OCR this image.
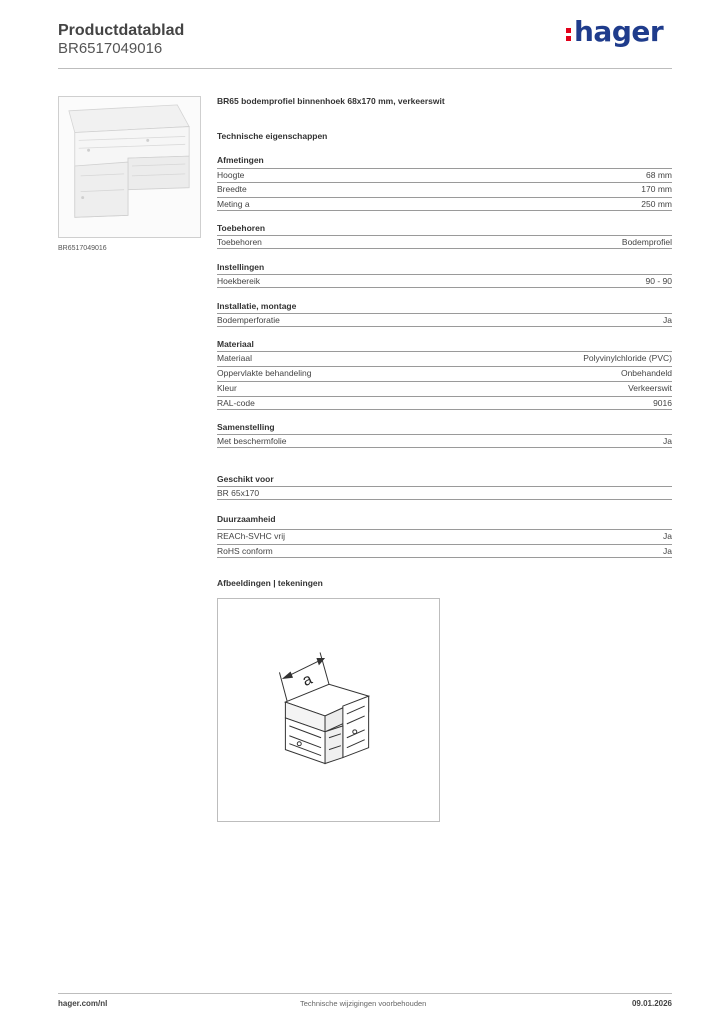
Productdatablad
BR6517049016
hager
BR6517049016
BR65 bodemprofiel binnenhoek 68x170 mm, verkeerswit
Technische eigenschappen
Afmetingen
Hoogte	68 mm
Breedte	170 mm
Meting a	250 mm
Toebehoren
Toebehoren	Bodemprofiel
Instellingen
Hoekbereik	90 - 90
Installatie, montage
Bodemperforatie	Ja
Materiaal
Materiaal	Polyvinylchloride (PVC)
Oppervlakte behandeling	Onbehandeld
Kleur	Verkeerswit
RAL-code	9016
Samenstelling
Met beschermfolie	Ja
Geschikt voor
BR 65x170
Duurzaamheid
REACh-SVHC vrij	Ja
RoHS conform	Ja
Afbeeldingen | tekeningen
a
hager.com/nl	Technische wijzigingen voorbehouden	09.01.2026
